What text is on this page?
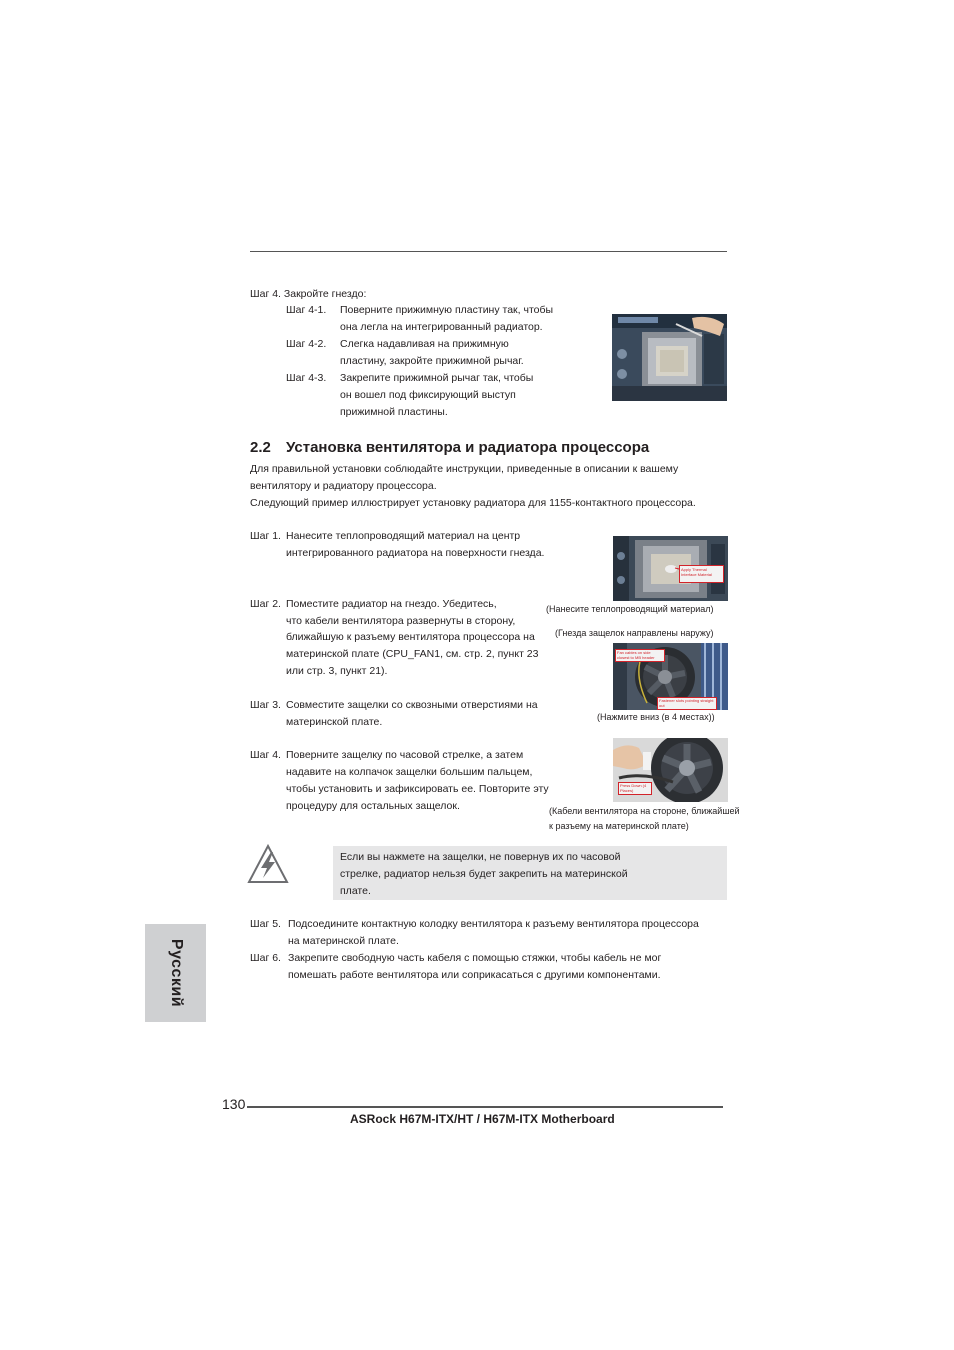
Шаг 4. Закройте гнездо:
Шаг 4-1. Поверните прижимную пластину так, чтобы
она легла на интегрированный радиатор.
Шаг 4-2. Слегка надавливая на прижимную
пластину, закройте прижимной рычаг.
Шаг 4-3. Закрепите прижимной рычаг так, чтобы
он вошел под фиксирующий выступ
прижимной пластины.
2.2 Установка вентилятора и радиатора процессора
Для правильной установки соблюдайте инструкции, приведенные в описании к вашему
вентилятору и радиатору процессора.
Следующий пример иллюстрирует установку радиатора для 1155-контактного процессора.
Шаг 1. Нанесите теплопроводящий материал на центр
интегрированного радиатора на поверхности гнезда.
Apply Thermal Interface Material
(Нанесите теплопроводящий материал)
Шаг 2. Поместите радиатор на гнездо. Убедитесь,
что кабели вентилятора развернуты в сторону,
ближайшую к разъему вентилятора процессора на
материнской плате (CPU_FAN1, см. стр. 2, пункт 23
или стр. 3, пункт 21).
(Гнезда защелок направлены наружу)
Fan cables on side closest to MB header
Fastener slots pointing straight out
Шаг 3. Совместите защелки со сквозными отверстиями на
материнской плате.	(Нажмите вниз (в 4 местах))
Шаг 4. Поверните защелку по часовой стрелке, а затем
надавите на колпачок защелки большим пальцем,
чтобы установить и зафиксировать ее. Повторите эту
процедуру для остальных защелок.
Press Down (4 Places)
(Кабели вентилятора на стороне, ближайшей
к разъему на материнской плате)
Если вы нажмете на защелки, не повернув их по часовой
стрелке, радиатор нельзя будет закрепить на материнской
плате.
Шаг 5. Подсоедините контактную колодку вентилятора к разъему вентилятора процессора
на материнской плате.
Шаг 6. Закрепите свободную часть кабеля с помощью стяжки, чтобы кабель не мог
помешать работе вентилятора или соприкасаться с другими компонентами.
Русский
130
ASRock H67M-ITX/HT / H67M-ITX Motherboard
